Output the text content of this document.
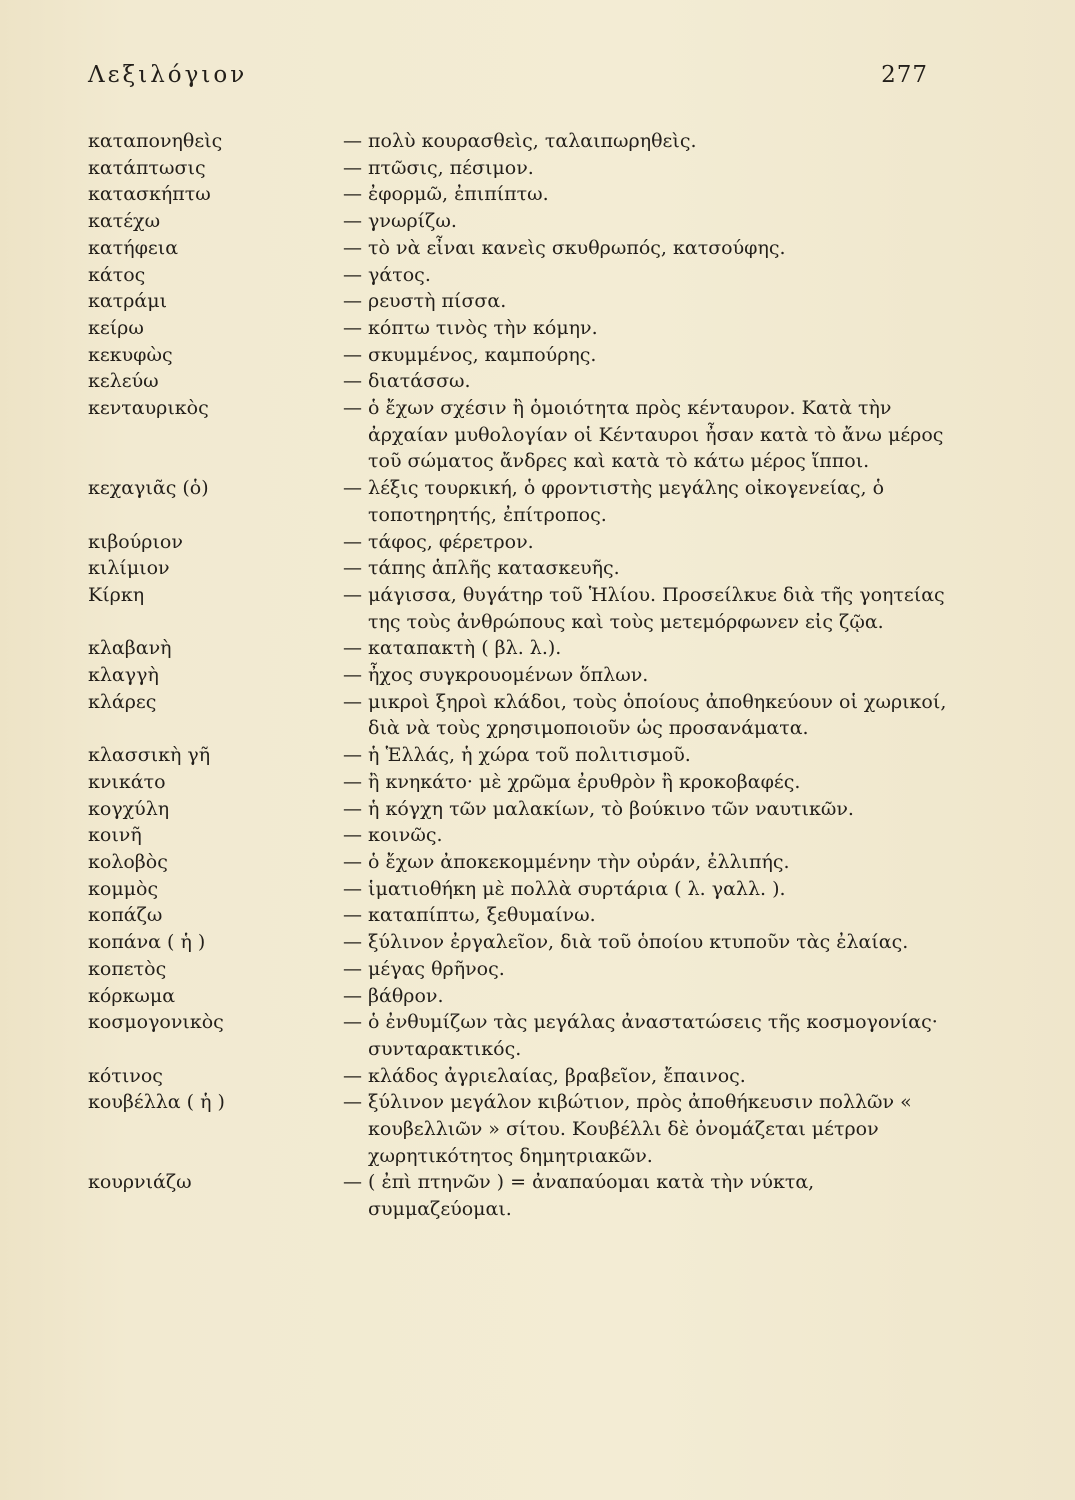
Λεξιλόγιον	277
καταπονηθεὶς	— πολὺ κουρασθεὶς, ταλαιπωρηθεὶς.
κατάπτωσις	— πτῶσις, πέσιμον.
κατασκήπτω	— ἐφορμῶ, ἐπιπίπτω.
κατέχω	— γνωρίζω.
κατήφεια	— τὸ νὰ εἶναι κανεὶς σκυθρωπός, κατσούφης.
κάτος	— γάτος.
κατράμι	— ρευστὴ πίσσα.
κείρω	— κόπτω τινὸς τὴν κόμην.
κεκυφὼς	— σκυμμένος, καμπούρης.
κελεύω	— διατάσσω.
κενταυρικὸς	— ὁ ἔχων σχέσιν ἢ ὁμοιότητα πρὸς κένταυρον. Κατὰ τὴν ἀρχαίαν μυθολογίαν οἱ Κένταυροι ἦσαν κατὰ τὸ ἄνω μέρος τοῦ σώματος ἄνδρες καὶ κατὰ τὸ κάτω μέρος ἵπποι.
κεχαγιᾶς (ὁ)	— λέξις τουρκική, ὁ φροντιστὴς μεγάλης οἰκογενείας, ὁ τοποτηρητής, ἐπίτροπος.
κιβούριον	— τάφος, φέρετρον.
κιλίμιον	— τάπης ἁπλῆς κατασκευῆς.
Κίρκη	— μάγισσα, θυγάτηρ τοῦ Ἡλίου. Προσείλκυε διὰ τῆς γοητείας της τοὺς ἀνθρώπους καὶ τοὺς μετεμόρφωνεν εἰς ζῷα.
κλαβανὴ	— καταπακτὴ ( βλ. λ.).
κλαγγὴ	— ἦχος συγκρουομένων ὅπλων.
κλάρες	— μικροὶ ξηροὶ κλάδοι, τοὺς ὁποίους ἀποθηκεύουν οἱ χωρικοί, διὰ νὰ τοὺς χρησιμοποιοῦν ὡς προσανάματα.
κλασσικὴ γῆ	— ἡ Ἑλλάς, ἡ χώρα τοῦ πολιτισμοῦ.
κνικάτο	— ἢ κνηκάτο· μὲ χρῶμα ἐρυθρὸν ἢ κροκοβαφές.
κογχύλη	— ἡ κόγχη τῶν μαλακίων, τὸ βούκινο τῶν ναυτικῶν.
κοινῆ	— κοινῶς.
κολοβὸς	— ὁ ἔχων ἀποκεκομμένην τὴν οὐράν, ἐλλιπής.
κομμὸς	— ἱματιοθήκη μὲ πολλὰ συρτάρια ( λ. γαλλ. ).
κοπάζω	— καταπίπτω, ξεθυμαίνω.
κοπάνα ( ἡ )	— ξύλινον ἐργαλεῖον, διὰ τοῦ ὁποίου κτυποῦν τὰς ἐλαίας.
κοπετὸς	— μέγας θρῆνος.
κόρκωμα	— βάθρον.
κοσμογονικὸς	— ὁ ἐνθυμίζων τὰς μεγάλας ἀναστατώσεις τῆς κοσμογονίας· συνταρακτικός.
κότινος	— κλάδος ἀγριελαίας, βραβεῖον, ἔπαινος.
κουβέλλα ( ἡ )	— ξύλινον μεγάλον κιβώτιον, πρὸς ἀποθήκευσιν πολλῶν « κουβελλιῶν » σίτου. Κουβέλλι δὲ ὀνομάζεται μέτρον χωρητικότητος δημητριακῶν.
κουρνιάζω	— ( ἐπὶ πτηνῶν ) = ἀναπαύομαι κατὰ τὴν νύκτα, συμμαζεύομαι.
